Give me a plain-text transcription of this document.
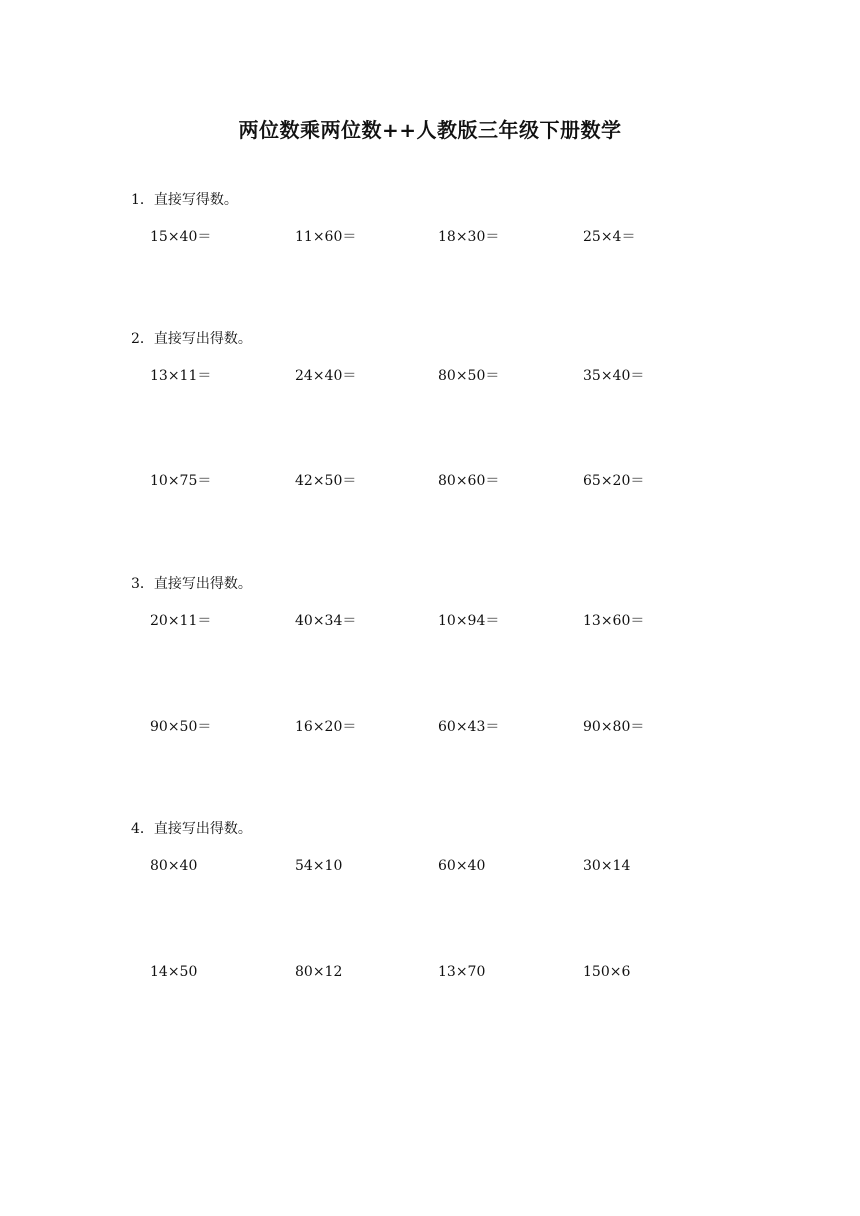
两位数乘两位数++人教版三年级下册数学
1．直接写得数。
15×40＝	11×60＝	18×30＝	25×4＝
2．直接写出得数。
13×11＝	24×40＝	80×50＝	35×40＝
10×75＝	42×50＝	80×60＝	65×20＝
3．直接写出得数。
20×11＝	40×34＝	10×94＝	13×60＝
90×50＝	16×20＝	60×43＝	90×80＝
4．直接写出得数。
80×40	54×10	60×40	30×14
14×50	80×12	13×70	150×6
